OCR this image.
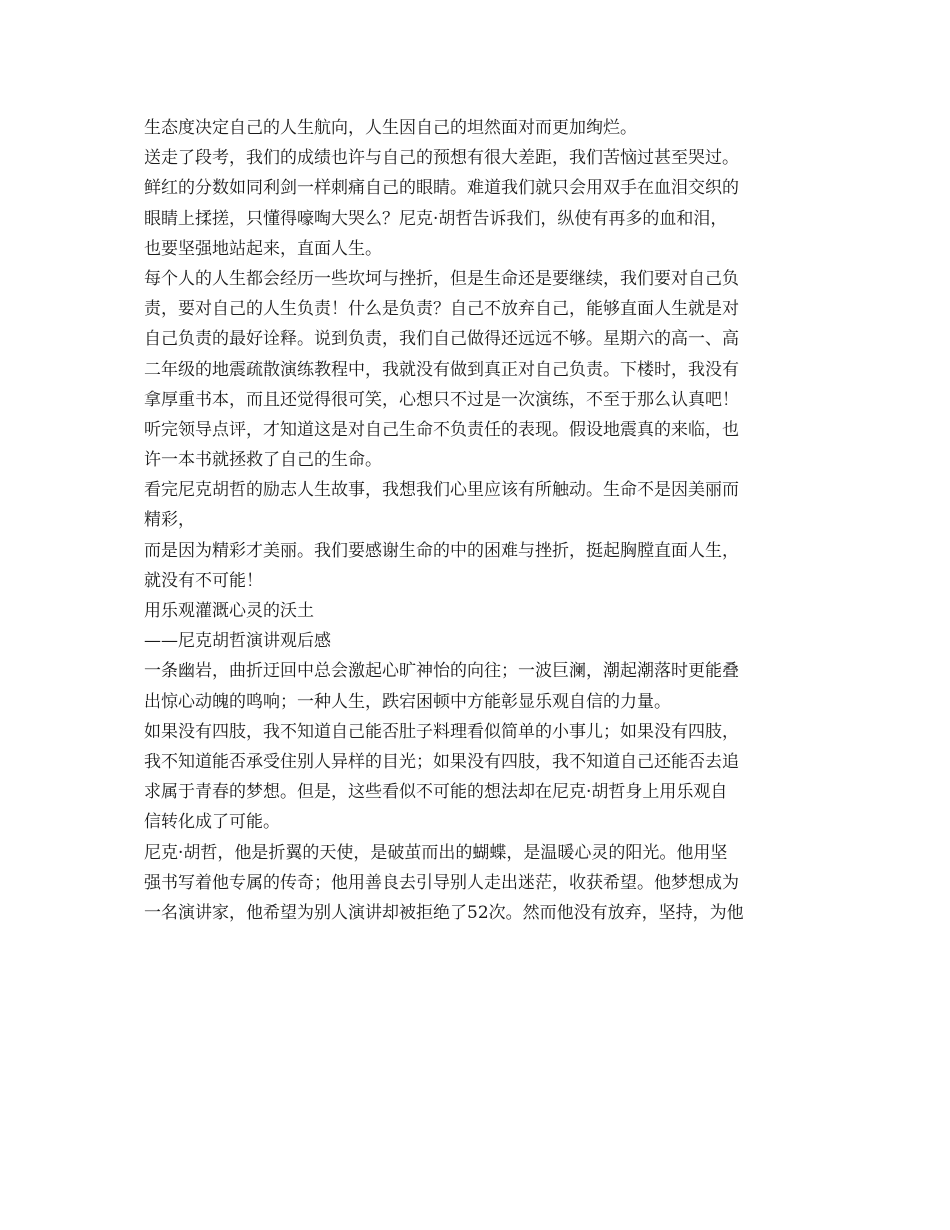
生态度决定自己的人生航向，人生因自己的坦然面对而更加绚烂。
送走了段考，我们的成绩也许与自己的预想有很大差距，我们苦恼过甚至哭过。
鲜红的分数如同利剑一样刺痛自己的眼睛。难道我们就只会用双手在血泪交织的
眼睛上揉搓，只懂得嚎啕大哭么？尼克·胡哲告诉我们，纵使有再多的血和泪，
也要坚强地站起来，直面人生。
每个人的人生都会经历一些坎坷与挫折，但是生命还是要继续，我们要对自己负
责，要对自己的人生负责！什么是负责？自己不放弃自己，能够直面人生就是对
自己负责的最好诠释。说到负责，我们自己做得还远远不够。星期六的高一、高
二年级的地震疏散演练教程中，我就没有做到真正对自己负责。下楼时，我没有
拿厚重书本，而且还觉得很可笑，心想只不过是一次演练，不至于那么认真吧！
听完领导点评，才知道这是对自己生命不负责任的表现。假设地震真的来临，也
许一本书就拯救了自己的生命。
看完尼克胡哲的励志人生故事，我想我们心里应该有所触动。生命不是因美丽而
精彩，
而是因为精彩才美丽。我们要感谢生命的中的困难与挫折，挺起胸膛直面人生，
就没有不可能！
用乐观灌溉心灵的沃土
——尼克胡哲演讲观后感
一条幽岩，曲折迂回中总会激起心旷神怡的向往；一波巨澜，潮起潮落时更能叠
出惊心动魄的鸣响；一种人生，跌宕困顿中方能彰显乐观自信的力量。
如果没有四肢，我不知道自己能否肚子料理看似简单的小事儿；如果没有四肢，
我不知道能否承受住别人异样的目光；如果没有四肢，我不知道自己还能否去追
求属于青春的梦想。但是，这些看似不可能的想法却在尼克·胡哲身上用乐观自
信转化成了可能。
尼克·胡哲，他是折翼的天使，是破茧而出的蝴蝶，是温暖心灵的阳光。他用坚
强书写着他专属的传奇；他用善良去引导别人走出迷茫，收获希望。他梦想成为
一名演讲家，他希望为别人演讲却被拒绝了52次。然而他没有放弃，坚持，为他
